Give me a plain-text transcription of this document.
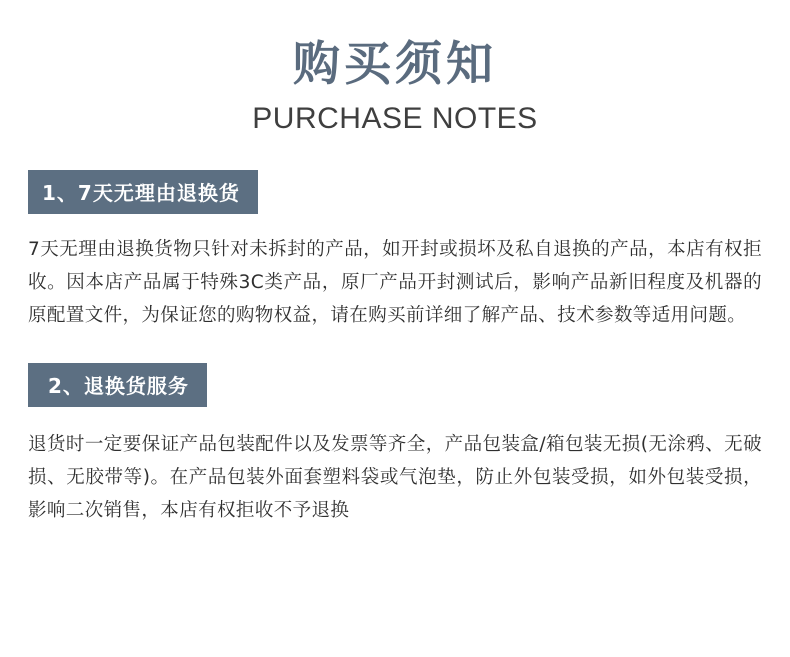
购买须知
PURCHASE NOTES
1、7天无理由退换货
7天无理由退换货物只针对未拆封的产品，如开封或损坏及私自退换的产品，本店有权拒收。因本店产品属于特殊3C类产品，原厂产品开封测试后，影响产品新旧程度及机器的原配置文件，为保证您的购物权益，请在购买前详细了解产品、技术参数等适用问题。
2、退换货服务
退货时一定要保证产品包装配件以及发票等齐全，产品包装盒/箱包装无损(无涂鸦、无破损、无胶带等)。在产品包装外面套塑料袋或气泡垫，防止外包装受损，如外包装受损，影响二次销售，本店有权拒收不予退换
